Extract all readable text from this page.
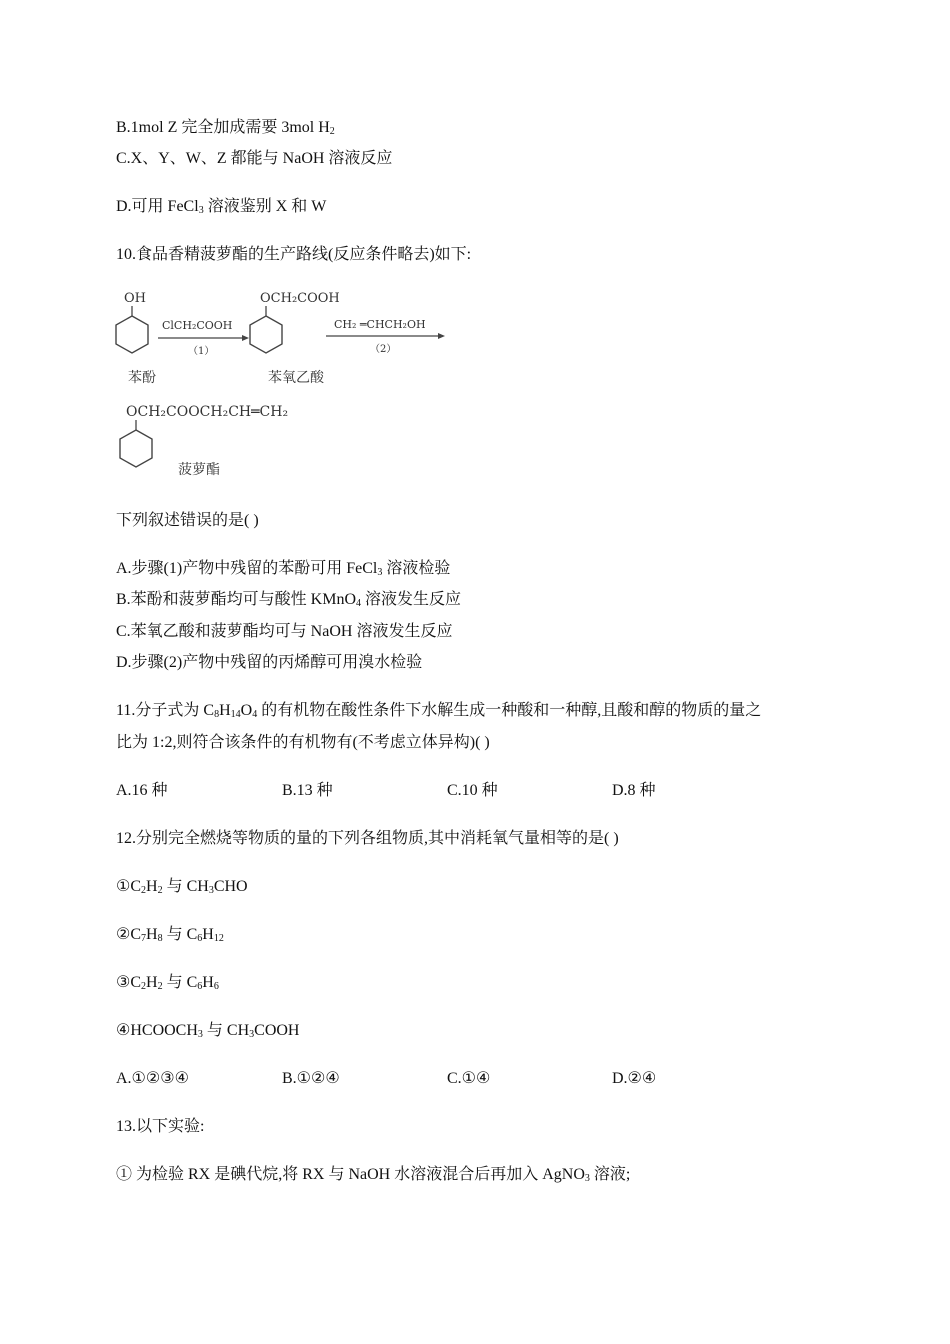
B.1mol Z 完全加成需要 3mol $H_2$
C.X、Y、W、Z 都能与 NaOH 溶液反应
D.可用 FeCl$_3$ 溶液鉴别 X 和 W
10.食品香精菠萝酯的生产路线(反应条件略去)如下:
OH
苯酚
ClCH₂COOH
（1）
OCH₂COOH
苯氧乙酸
CH₂ ═CHCH₂OH
（2）
OCH₂COOCH₂CH═CH₂
菠萝酯
下列叙述错误的是( )
A.步骤(1)产物中残留的苯酚可用 FeCl$_3$ 溶液检验
B.苯酚和菠萝酯均可与酸性 KMnO$_4$ 溶液发生反应
C.苯氧乙酸和菠萝酯均可与 NaOH 溶液发生反应
D.步骤(2)产物中残留的丙烯醇可用溴水检验
11.分子式为 $C_8H_{14}O_4$ 的有机物在酸性条件下水解生成一种酸和一种醇,且酸和醇的物质的量之
比为 1:2,则符合该条件的有机物有(不考虑立体异构)( )
A.16 种	B.13 种	C.10 种	D.8 种
12.分别完全燃烧等物质的量的下列各组物质,其中消耗氧气量相等的是( )
$①C_2H_2$ 与 $CH_3CHO$
$②C_7H_8$ 与 $C_6H_{12}$
$③C_2H_2$ 与 $C_6H_6$
$④HCOOCH_3$ 与 $CH_3COOH$
A.①②③④	B.①②④	C.①④	D.②④
13.以下实验:
① 为检验 RX 是碘代烷,将 RX 与 NaOH 水溶液混合后再加入 AgNO$_3$ 溶液;
